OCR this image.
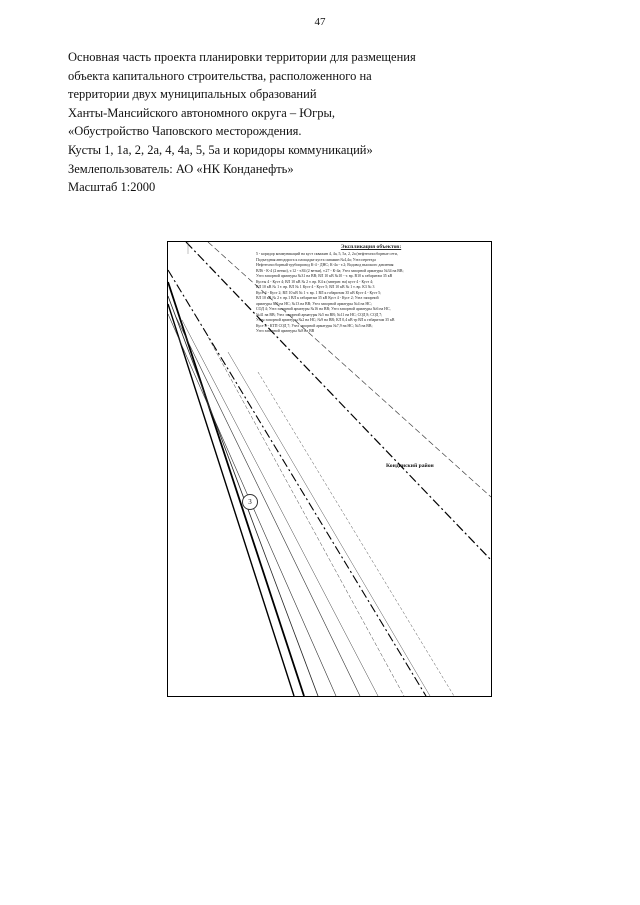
47
Основная часть проекта планировки территории для размещения
объекта капитального строительства, расположенного на
территории двух муниципальных образований
Ханты-Мансийского автономного округа – Югры,
«Обустройство Чаповского месторождения.
Кусты 1, 1а, 2, 2а, 4, 4а, 5, 5а и коридоры коммуникаций»
Землепользователь: АО «НК Конданефть»
Масштаб 1:2000
Экспликация объектов:
5 - коридор коммуникаций на куст скважин 4, 4а, 5, 5а, 2, 2а (нефтегазосборные сети,
Подъездная автодорога к площадке куста скважин №4,4а; Узел переезда
Нефтегазосборный трубопровод К-4 - ДНС; К-4а - т.2; Водовод высокого давления
ВЛ6 - К-4 (2 ветки), т.12 - т.84 (2 ветки), т.27 - К-4а; Узел запорной арматуры №34 на ВВ;
Узел запорной арматуры №31 на ВВ; ВЛ 10 кВ №10 - т. вр. В10 к габаритам 35 кВ
Кусты 4 - Куст 4; ВЛ 10 кВ № 2 т. вр. К4 к (заверит. на) куст 4 - Куст 4;
ВЛ 10 кВ № 1 т. вр. ВЛ № 1 Куст 4 - Куст 5; ВЛ 10 кВ № 1 т. вр. К3 № 3
Куст 4 - Куст 2; ВЛ 10 кВ № 1 т. вр. 1 ВЛ к габаритам 35 кВ Куст 4 - Куст 5;
ВЛ 10 кВ № 2 т. вр.1 ВЛ к габаритам 35 кВ Куст 4 - Куст 2; Узел запорной
арматуры №5 на НС; №13 на ВВ; Узел запорной арматуры №4 на НС;
СОД 4; Узел запорной арматуры №16 на ВВ; Узел запорной арматуры №6 на НС,
№41 на ВВ; Узел запорной арматуры №5 на ВВ; №11 на НС; СОД 8; СОД 7;
Узлы запорной арматуры №2 на НС; №9 на ВВ; КЛ 0,4 кВ тр ВЛ к габаритам 35 кВ
Куст 4 - КТП СОД 7; Узел запорной арматуры №7,9 на НС; №5 на ВВ;
Узел запорной арматуры №8 на ВВ
Кондинский район
3
